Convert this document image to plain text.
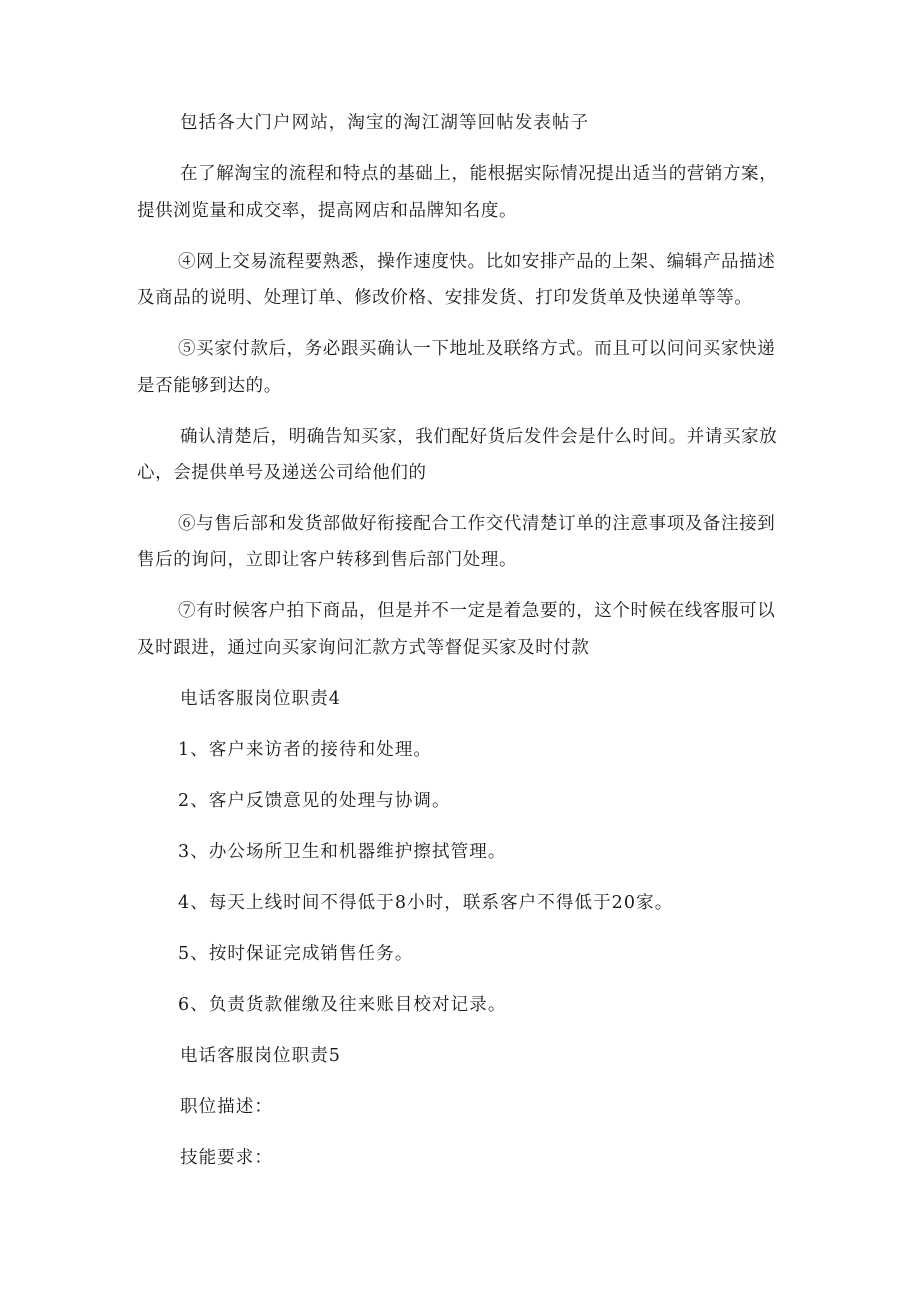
包括各大门户网站，淘宝的淘江湖等回帖发表帖子

在了解淘宝的流程和特点的基础上，能根据实际情况提出适当的营销方案，

提供浏览量和成交率，提高网店和品牌知名度。

④网上交易流程要熟悉，操作速度快。比如安排产品的上架、编辑产品描述

及商品的说明、处理订单、修改价格、安排发货、打印发货单及快递单等等。

⑤买家付款后，务必跟买确认一下地址及联络方式。而且可以问问买家快递

是否能够到达的。

确认清楚后，明确告知买家，我们配好货后发件会是什么时间。并请买家放

心，会提供单号及递送公司给他们的

⑥与售后部和发货部做好衔接配合工作交代清楚订单的注意事项及备注接到

售后的询问，立即让客户转移到售后部门处理。

⑦有时候客户拍下商品，但是并不一定是着急要的，这个时候在线客服可以

及时跟进，通过向买家询问汇款方式等督促买家及时付款

电话客服岗位职责4

1、客户来访者的接待和处理。

2、客户反馈意见的处理与协调。

3、办公场所卫生和机器维护擦拭管理。

4、每天上线时间不得低于8小时，联系客户不得低于20家。

5、按时保证完成销售任务。

6、负责货款催缴及往来账目校对记录。

电话客服岗位职责5

职位描述：

技能要求：
